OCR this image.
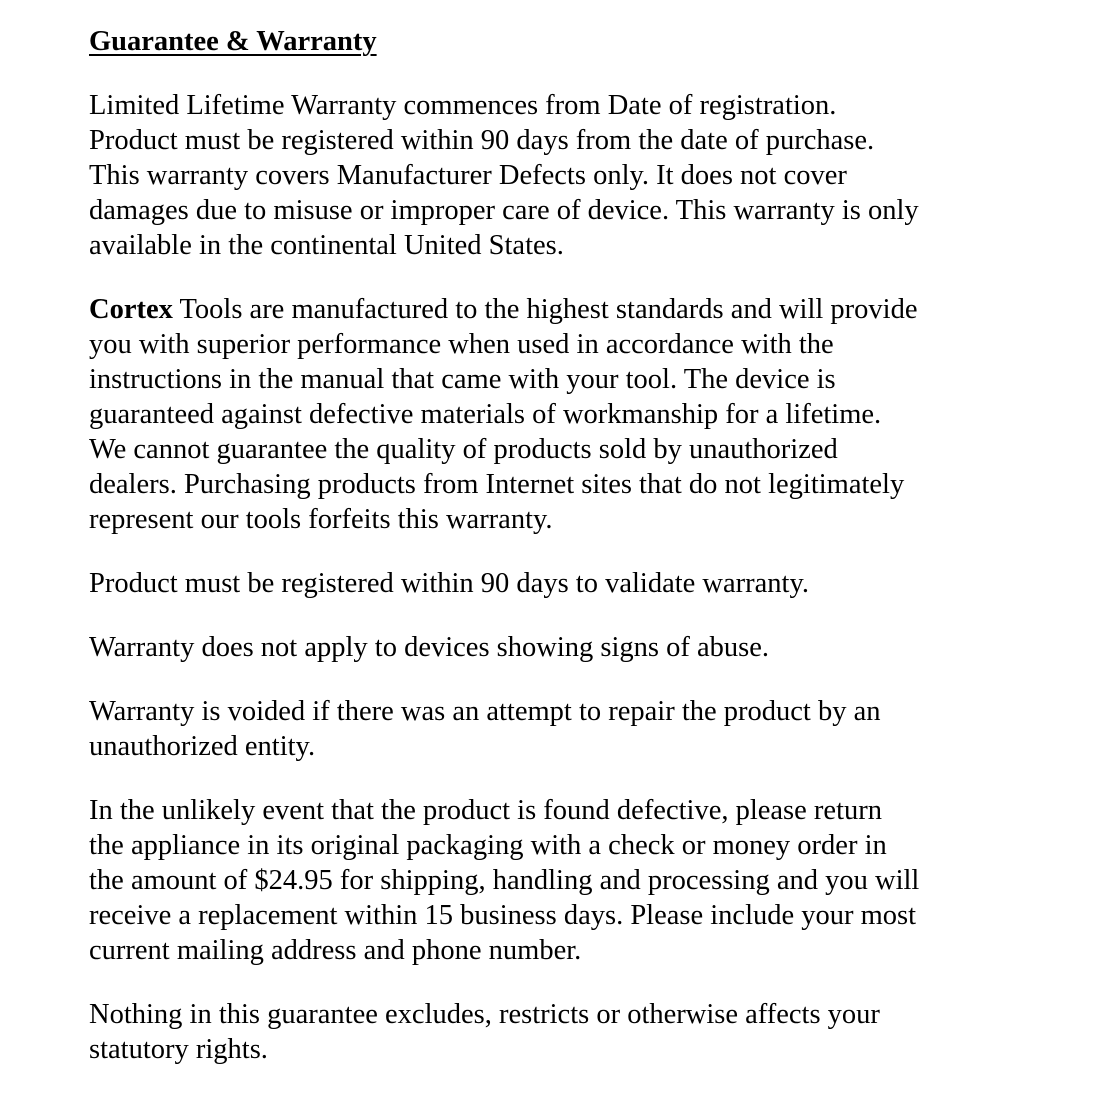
Guarantee & Warranty

Limited Lifetime Warranty commences from Date of registration.
Product must be registered within 90 days from the date of purchase.
This warranty covers Manufacturer Defects only. It does not cover
damages due to misuse or improper care of device. This warranty is only
available in the continental United States.

Cortex Tools are manufactured to the highest standards and will provide
you with superior performance when used in accordance with the
instructions in the manual that came with your tool. The device is
guaranteed against defective materials of workmanship for a lifetime.
We cannot guarantee the quality of products sold by unauthorized
dealers. Purchasing products from Internet sites that do not legitimately
represent our tools forfeits this warranty.

Product must be registered within 90 days to validate warranty.

Warranty does not apply to devices showing signs of abuse.

Warranty is voided if there was an attempt to repair the product by an
unauthorized entity.

In the unlikely event that the product is found defective, please return
the appliance in its original packaging with a check or money order in
the amount of $24.95 for shipping, handling and processing and you will
receive a replacement within 15 business days. Please include your most
current mailing address and phone number.

Nothing in this guarantee excludes, restricts or otherwise affects your
statutory rights.
